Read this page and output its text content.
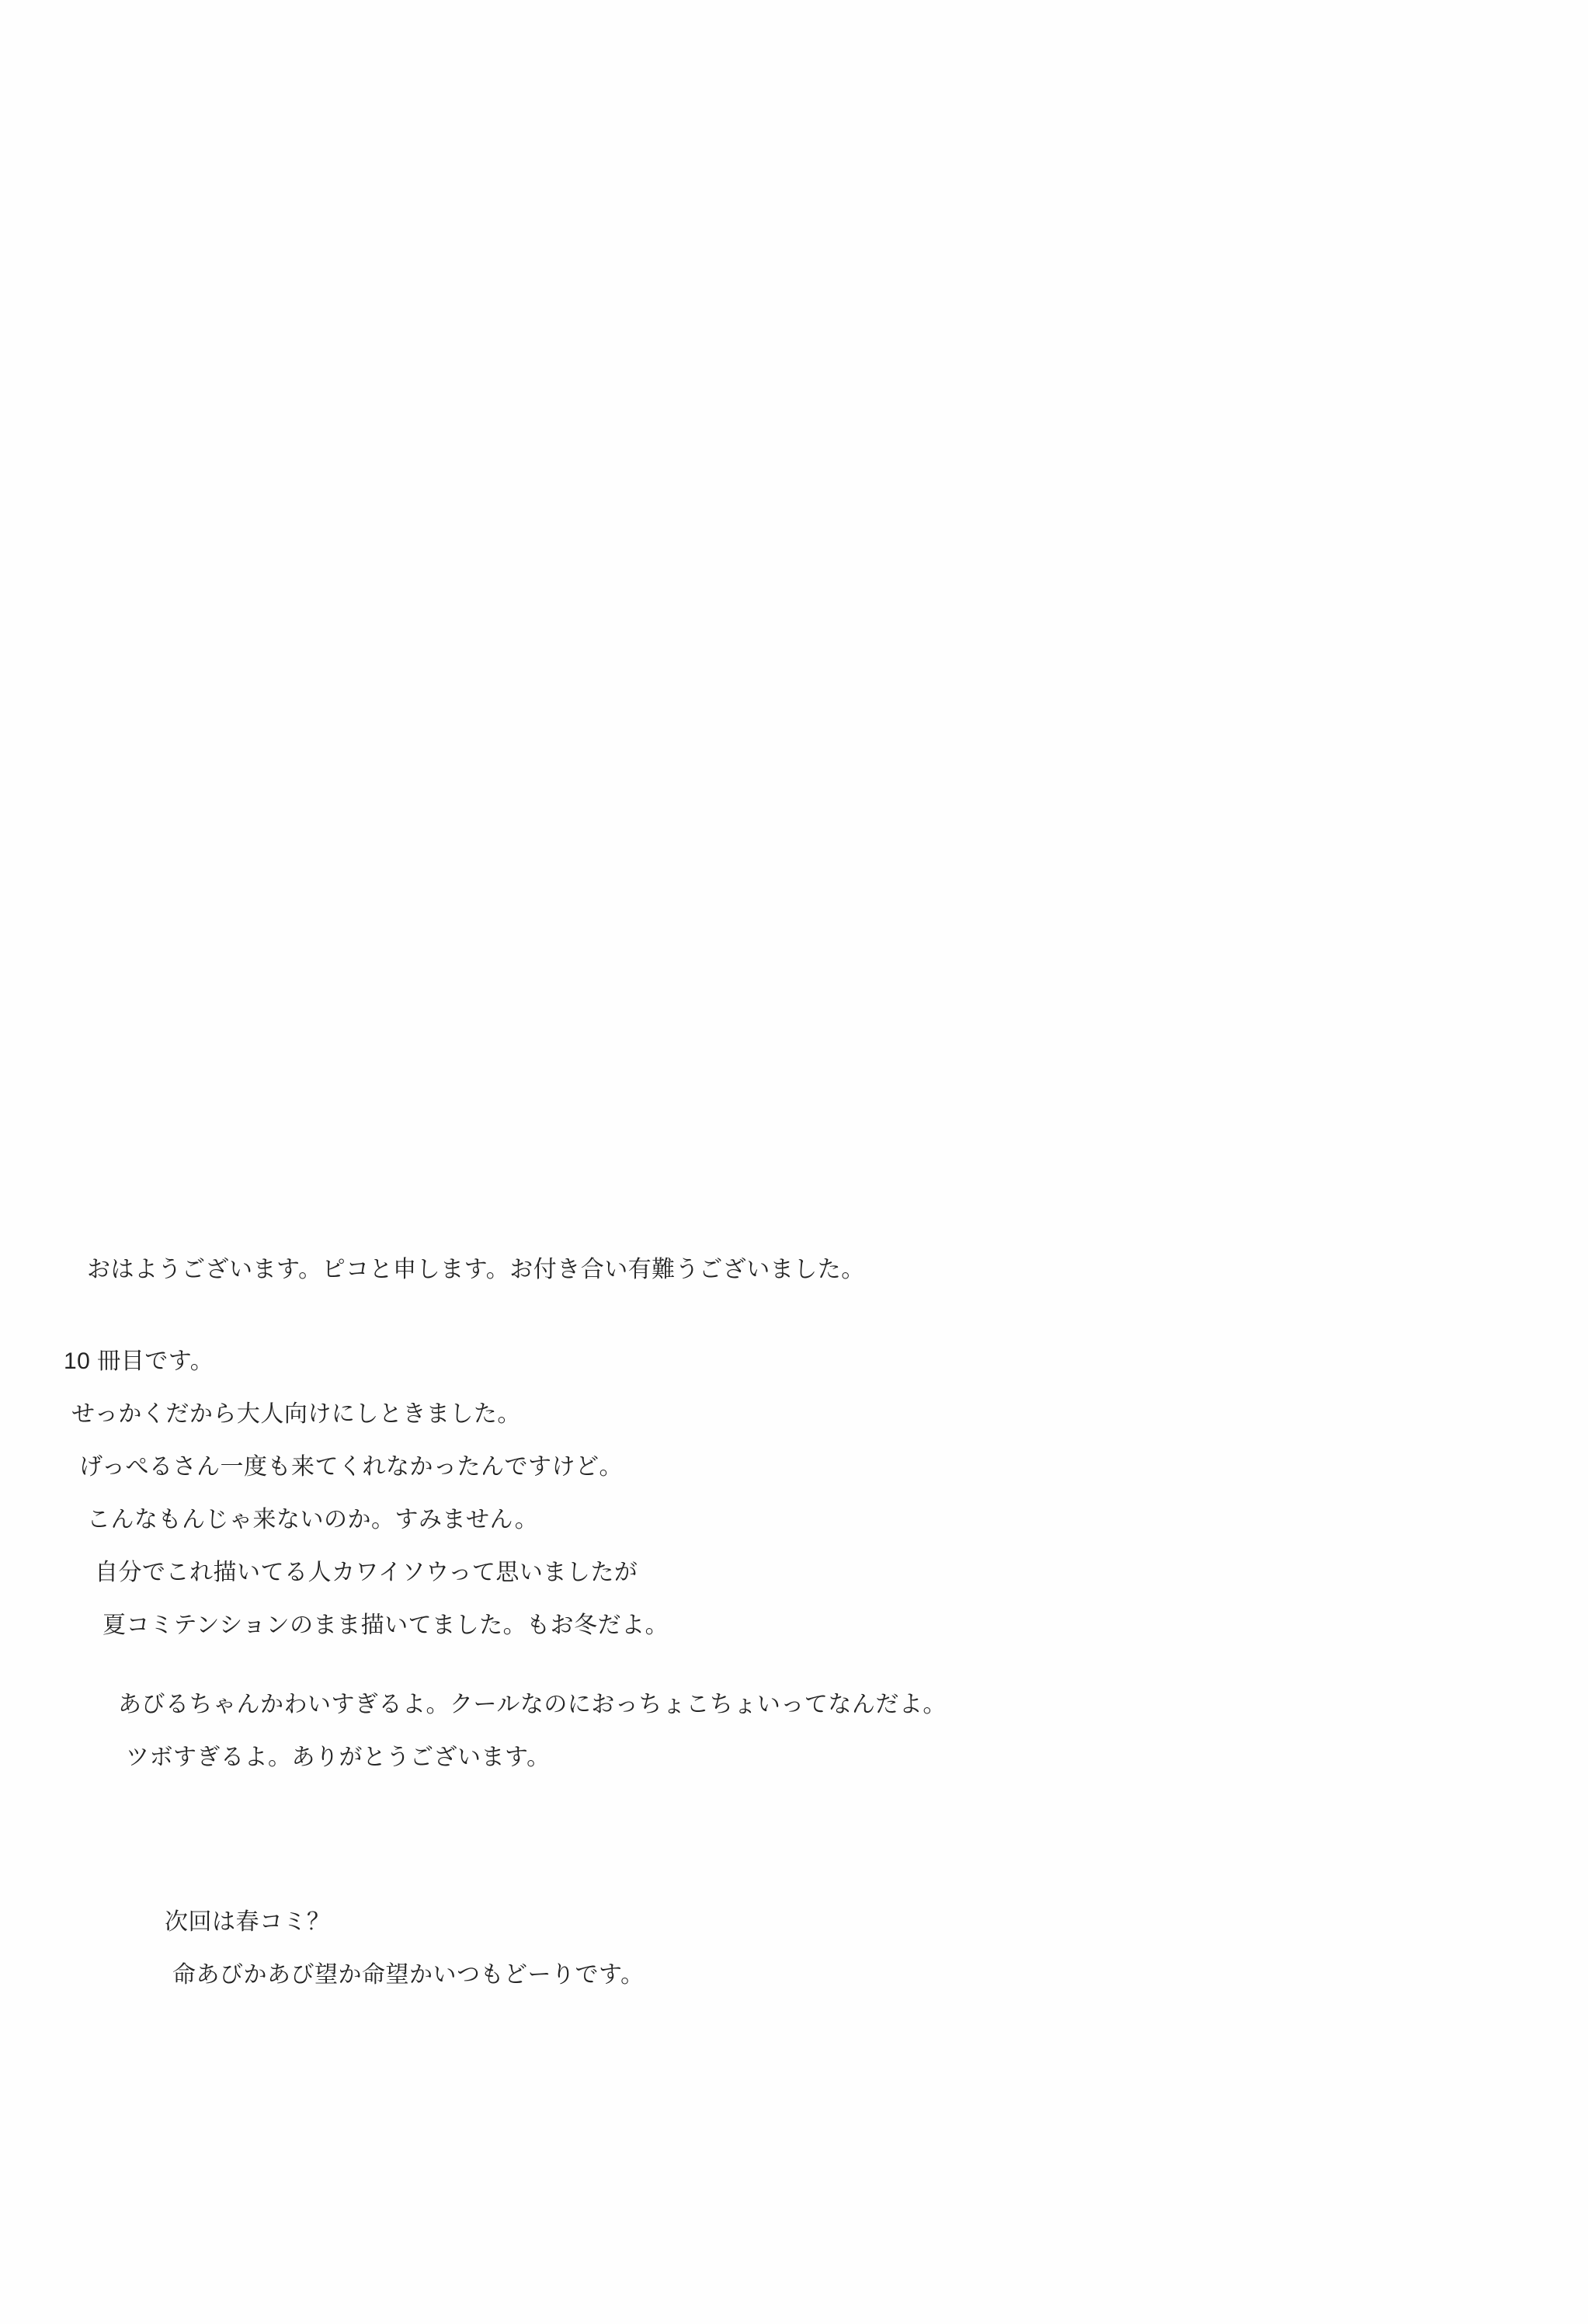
おはようございます。ピコと申します。お付き合い有難うございました。
10 冊目です。
せっかくだから大人向けにしときました。
げっぺるさん一度も来てくれなかったんですけど。
こんなもんじゃ来ないのか。すみません。
自分でこれ描いてる人カワイソウって思いましたが
夏コミテンションのまま描いてました。もお冬だよ。
あびるちゃんかわいすぎるよ。クールなのにおっちょこちょいってなんだよ。
ツボすぎるよ。ありがとうございます。
次回は春コミ？
命あびかあび望か命望かいつもどーりです。
